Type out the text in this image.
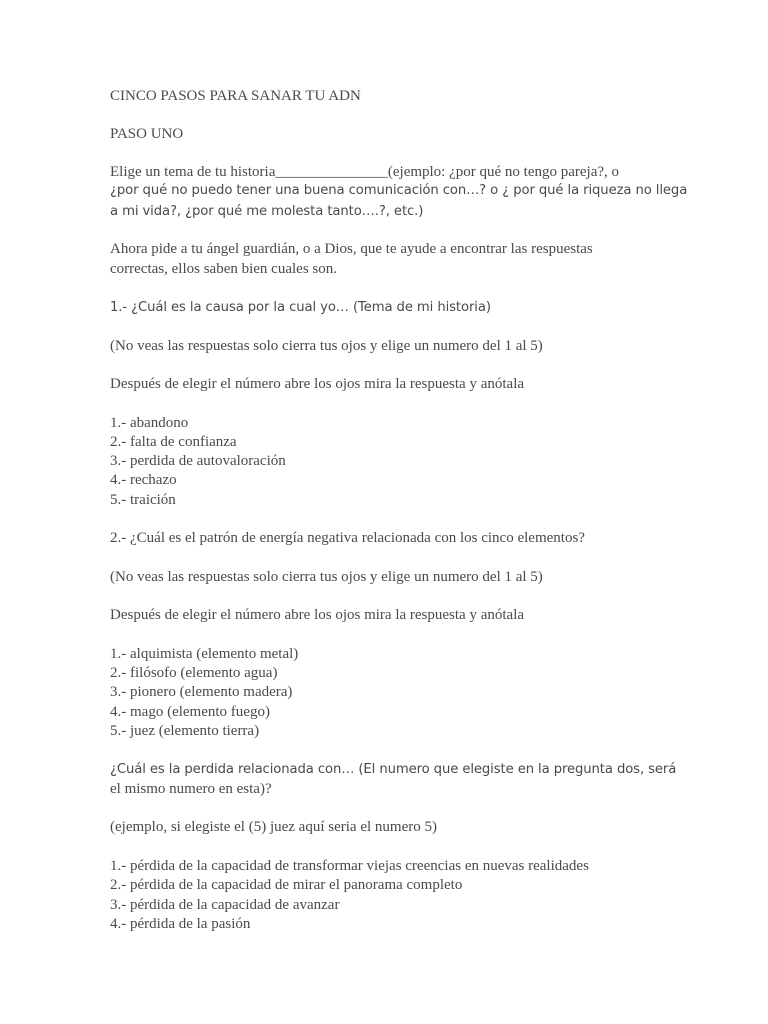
CINCO PASOS PARA SANAR TU ADN
PASO UNO
Elige un tema de tu historia_______________(ejemplo: ¿por qué no tengo pareja?, o
¿por qué no puedo tener una buena comunicación con…? o ¿ por qué la riqueza no llega
a mi vida?, ¿por qué me molesta tanto….?, etc.)
Ahora pide a tu ángel guardián, o a Dios, que te ayude a encontrar las respuestas
correctas, ellos saben bien cuales son.
1.- ¿Cuál es la causa por la cual yo… (Tema de mi historia)
(No veas las respuestas solo cierra tus ojos y elige un numero del 1 al 5)
Después de elegir el número abre los ojos mira la respuesta y anótala
1.- abandono
2.- falta de confianza
3.- perdida de autovaloración
4.- rechazo
5.- traición
2.- ¿Cuál es el patrón de energía negativa relacionada con los cinco elementos?
(No veas las respuestas solo cierra tus ojos y elige un numero del 1 al 5)
Después de elegir el número abre los ojos mira la respuesta y anótala
1.- alquimista (elemento metal)
2.- filósofo (elemento agua)
3.- pionero (elemento madera)
4.- mago (elemento fuego)
5.- juez (elemento tierra)
¿Cuál es la perdida relacionada con… (El numero que elegiste en la pregunta dos, será
el mismo numero en esta)?
(ejemplo, si elegiste el (5) juez aquí seria el numero 5)
1.- pérdida de la capacidad de transformar viejas creencias en nuevas realidades
2.- pérdida de la capacidad de mirar el panorama completo
3.- pérdida de la capacidad de avanzar
4.- pérdida de la pasión
